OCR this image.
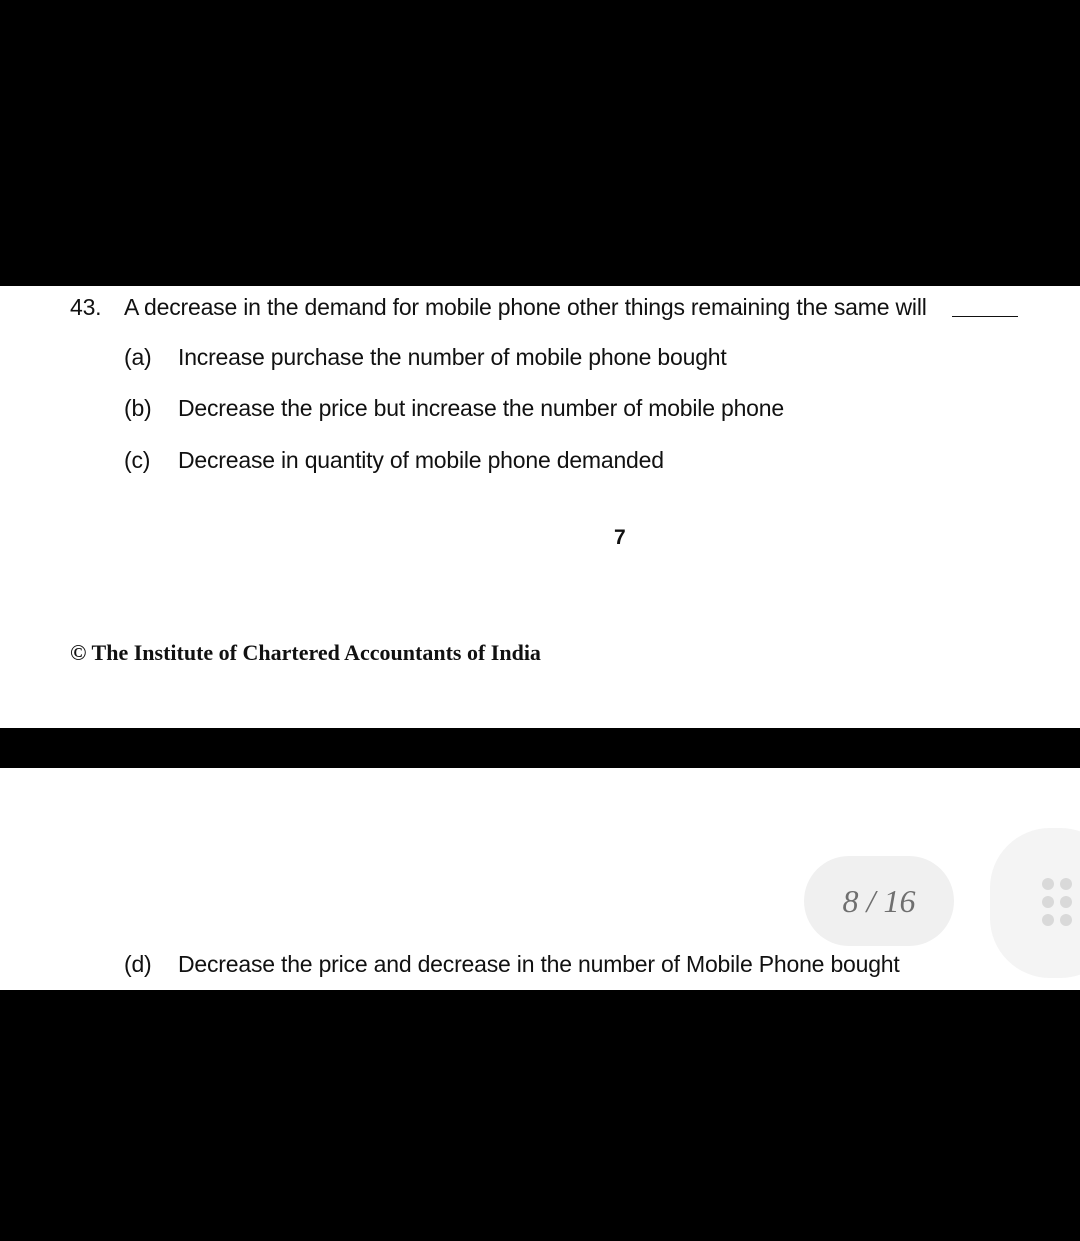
43. A decrease in the demand for mobile phone other things remaining the same will
(a) Increase purchase the number of mobile phone bought
(b) Decrease the price but increase the number of mobile phone
(c) Decrease in quantity of mobile phone demanded
7
© The Institute of Chartered Accountants of India
8 / 16
(d) Decrease the price and decrease in the number of Mobile Phone bought
